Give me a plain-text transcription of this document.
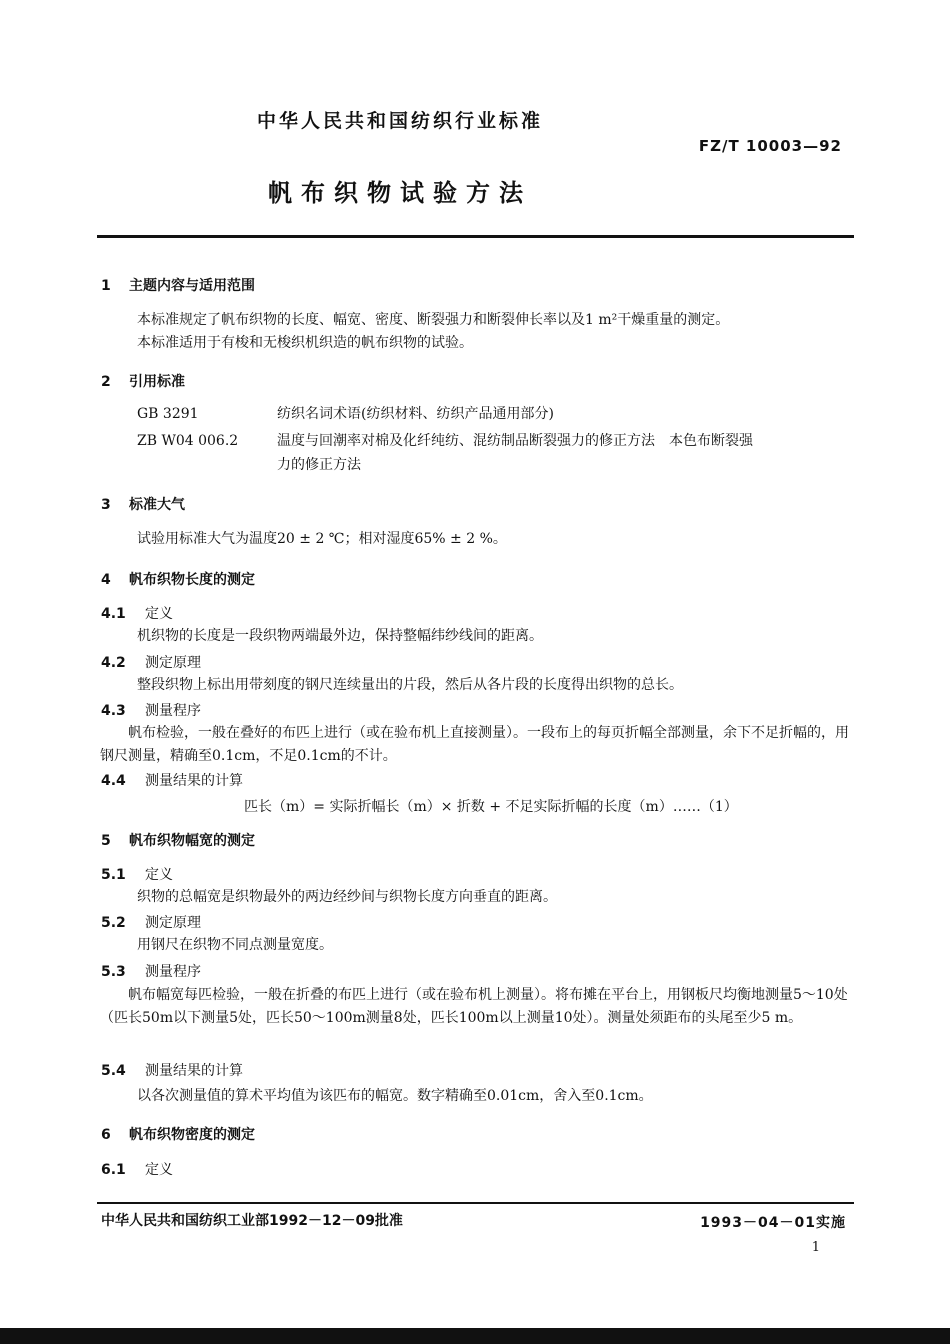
中华人民共和国纺织行业标准
FZ/T 10003—92
帆布织物试验方法
1 主题内容与适用范围
本标准规定了帆布织物的长度、幅宽、密度、断裂强力和断裂伸长率以及1 m²干燥重量的测定。
本标准适用于有梭和无梭织机织造的帆布织物的试验。
2 引用标准
GB 3291	纺织名词术语(纺织材料、纺织产品通用部分)
ZB W04 006.2	温度与回潮率对棉及化纤纯纺、混纺制品断裂强力的修正方法　本色布断裂强
力的修正方法
3 标准大气
试验用标准大气为温度20 ± 2 ℃；相对湿度65% ± 2 %。
4 帆布织物长度的测定
4.1 定义
机织物的长度是一段织物两端最外边，保持整幅纬纱线间的距离。
4.2 测定原理
整段织物上标出用带刻度的钢尺连续量出的片段，然后从各片段的长度得出织物的总长。
4.3 测量程序
帆布检验，一般在叠好的布匹上进行（或在验布机上直接测量）。一段布上的每页折幅全部测量，余下不足折幅的，用钢尺测量，精确至0.1cm，不足0.1cm的不计。
4.4 测量结果的计算
匹长（m）= 实际折幅长（m）× 折数 + 不足实际折幅的长度（m）……（1）
5 帆布织物幅宽的测定
5.1 定义
织物的总幅宽是织物最外的两边经纱间与织物长度方向垂直的距离。
5.2 测定原理
用钢尺在织物不同点测量宽度。
5.3 测量程序
帆布幅宽每匹检验，一般在折叠的布匹上进行（或在验布机上测量）。将布摊在平台上，用钢板尺均衡地测量5～10处（匹长50m以下测量5处，匹长50～100m测量8处，匹长100m以上测量10处）。测量处须距布的头尾至少5 m。
5.4 测量结果的计算
以各次测量值的算术平均值为该匹布的幅宽。数字精确至0.01cm，舍入至0.1cm。
6 帆布织物密度的测定
6.1 定义
中华人民共和国纺织工业部1992－12－09批准	1993－04－01实施
1
